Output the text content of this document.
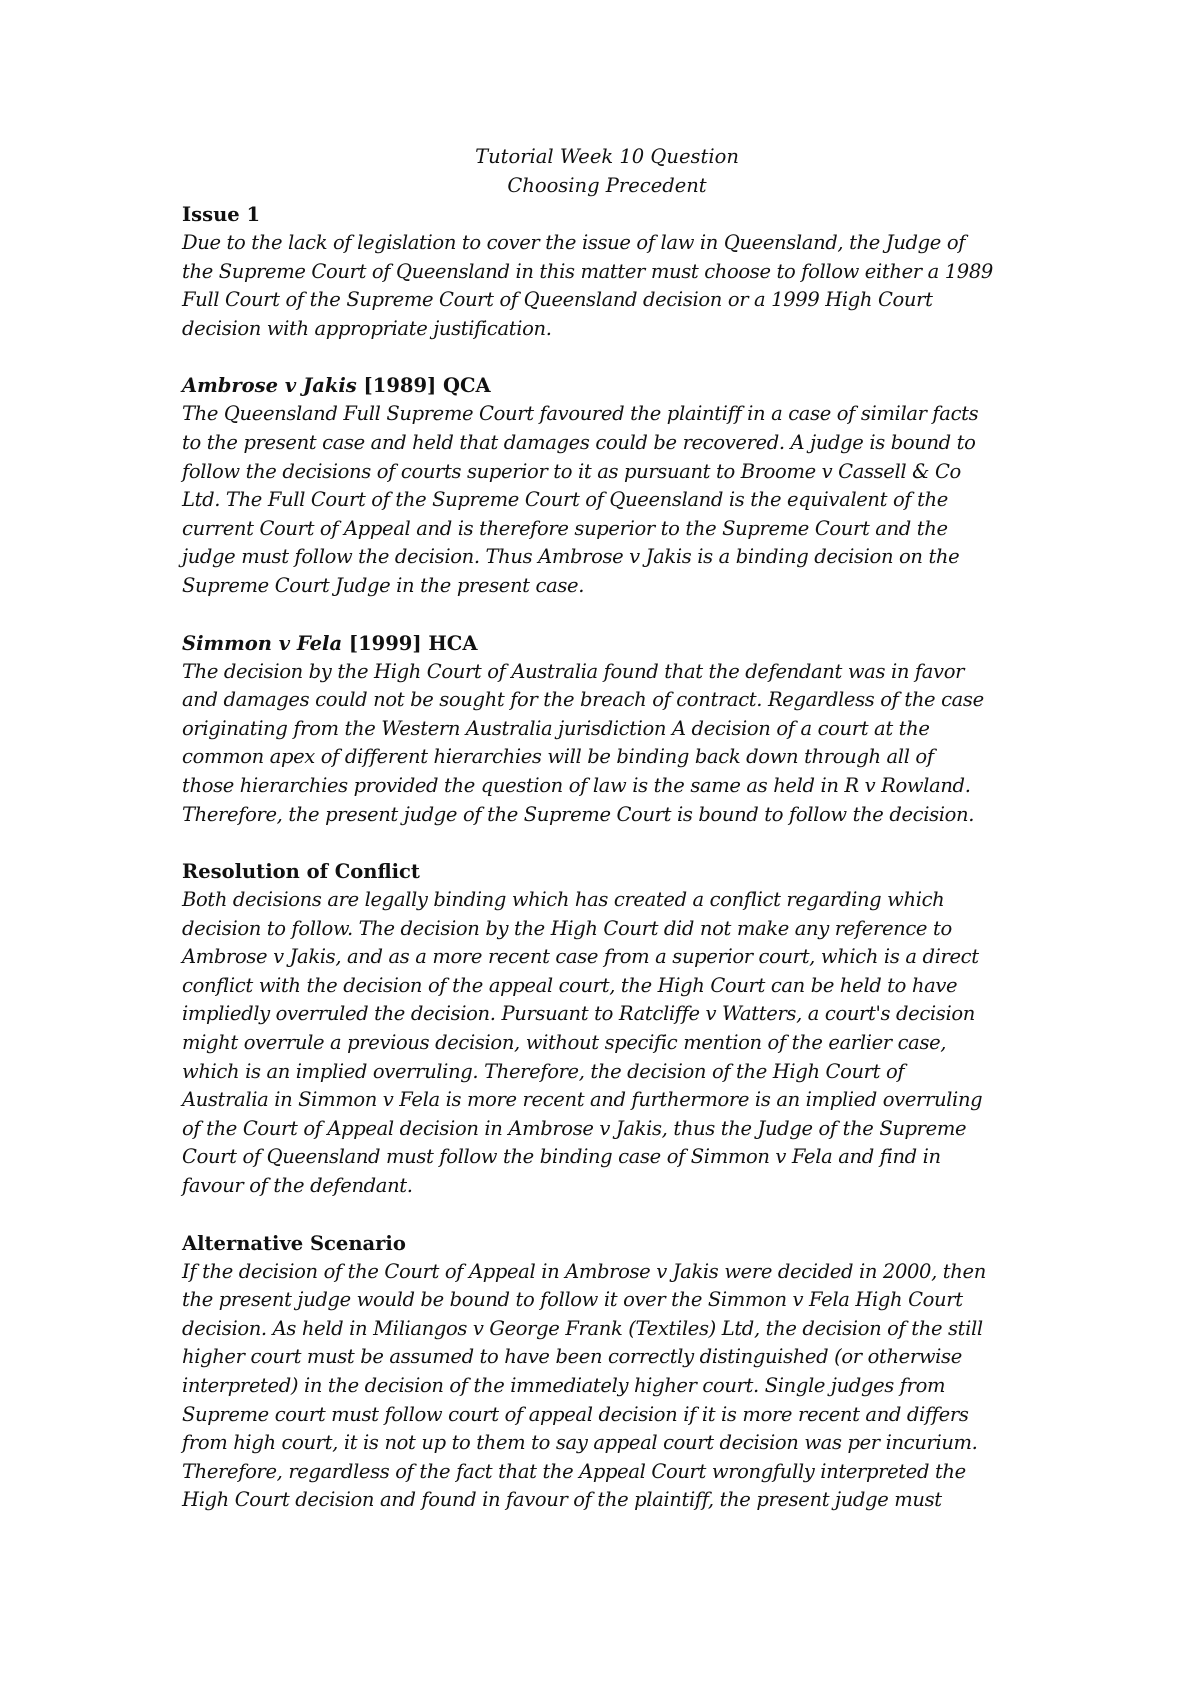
Tutorial Week 10 Question
Choosing Precedent
Issue 1
Due to the lack of legislation to cover the issue of law in Queensland, the Judge of
the Supreme Court of Queensland in this matter must choose to follow either a 1989
Full Court of the Supreme Court of Queensland decision or a 1999 High Court
decision with appropriate justification.
Ambrose v Jakis [1989] QCA
The Queensland Full Supreme Court favoured the plaintiff in a case of similar facts
to the present case and held that damages could be recovered. A judge is bound to
follow the decisions of courts superior to it as pursuant to Broome v Cassell & Co
Ltd. The Full Court of the Supreme Court of Queensland is the equivalent of the
current Court of Appeal and is therefore superior to the Supreme Court and the
judge must follow the decision. Thus Ambrose v Jakis is a binding decision on the
Supreme Court Judge in the present case.
Simmon v Fela [1999] HCA
The decision by the High Court of Australia found that the defendant was in favor
and damages could not be sought for the breach of contract. Regardless of the case
originating from the Western Australia jurisdiction A decision of a court at the
common apex of different hierarchies will be binding back down through all of
those hierarchies provided the question of law is the same as held in R v Rowland.
Therefore, the present judge of the Supreme Court is bound to follow the decision.
Resolution of Conflict
Both decisions are legally binding which has created a conflict regarding which
decision to follow. The decision by the High Court did not make any reference to
Ambrose v Jakis, and as a more recent case from a superior court, which is a direct
conflict with the decision of the appeal court, the High Court can be held to have
impliedly overruled the decision. Pursuant to Ratcliffe v Watters, a court's decision
might overrule a previous decision, without specific mention of the earlier case,
which is an implied overruling. Therefore, the decision of the High Court of
Australia in Simmon v Fela is more recent and furthermore is an implied overruling
of the Court of Appeal decision in Ambrose v Jakis, thus the Judge of the Supreme
Court of Queensland must follow the binding case of Simmon v Fela and find in
favour of the defendant.
Alternative Scenario
If the decision of the Court of Appeal in Ambrose v Jakis were decided in 2000, then
the present judge would be bound to follow it over the Simmon v Fela High Court
decision. As held in Miliangos v George Frank (Textiles) Ltd, the decision of the still
higher court must be assumed to have been correctly distinguished (or otherwise
interpreted) in the decision of the immediately higher court. Single judges from
Supreme court must follow court of appeal decision if it is more recent and differs
from high court, it is not up to them to say appeal court decision was per incurium.
Therefore, regardless of the fact that the Appeal Court wrongfully interpreted the
High Court decision and found in favour of the plaintiff, the present judge must
